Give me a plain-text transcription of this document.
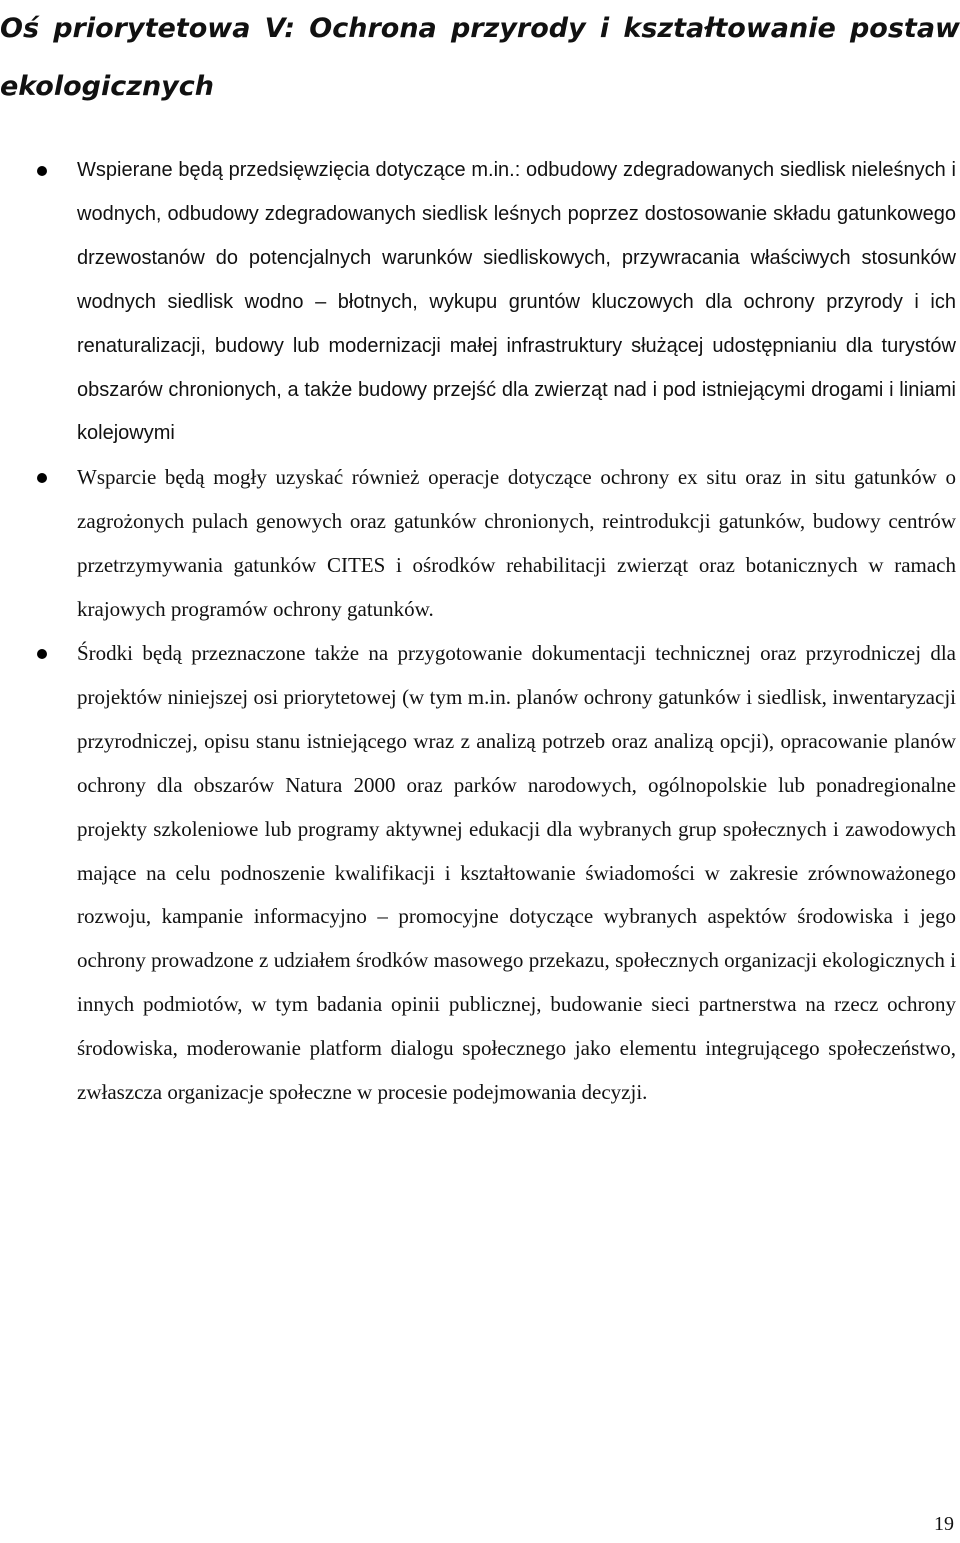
Oś priorytetowa V: Ochrona przyrody i kształtowanie postaw ekologicznych
Wspierane będą przedsięwzięcia dotyczące m.in.: odbudowy zdegradowanych siedlisk nieleśnych i wodnych, odbudowy zdegradowanych siedlisk leśnych poprzez dostosowanie składu gatunkowego drzewostanów do potencjalnych warunków siedliskowych, przywracania właściwych stosunków wodnych siedlisk wodno – błotnych, wykupu gruntów kluczowych dla ochrony przyrody i ich renaturalizacji, budowy lub modernizacji małej infrastruktury służącej udostępnianiu dla turystów obszarów chronionych, a także budowy przejść dla zwierząt nad i pod istniejącymi drogami i liniami kolejowymi
Wsparcie będą mogły uzyskać również operacje dotyczące ochrony ex situ oraz in situ gatunków o zagrożonych pulach genowych oraz gatunków chronionych, reintrodukcji gatunków, budowy centrów przetrzymywania gatunków CITES i ośrodków rehabilitacji zwierząt oraz botanicznych w ramach krajowych programów ochrony gatunków.
Środki będą przeznaczone także na przygotowanie dokumentacji technicznej oraz przyrodniczej dla projektów niniejszej osi priorytetowej (w tym m.in. planów ochrony gatunków i siedlisk, inwentaryzacji przyrodniczej, opisu stanu istniejącego wraz z analizą potrzeb oraz analizą opcji), opracowanie planów ochrony dla obszarów Natura 2000 oraz parków narodowych, ogólnopolskie lub ponadregionalne projekty szkoleniowe lub programy aktywnej edukacji dla wybranych grup społecznych i zawodowych mające na celu podnoszenie kwalifikacji i kształtowanie świadomości w zakresie zrównoważonego rozwoju, kampanie informacyjno – promocyjne dotyczące wybranych aspektów środowiska i jego ochrony prowadzone z udziałem środków masowego przekazu, społecznych organizacji ekologicznych i innych podmiotów, w tym badania opinii publicznej, budowanie sieci partnerstwa na rzecz ochrony środowiska, moderowanie platform dialogu społecznego jako elementu integrującego społeczeństwo, zwłaszcza organizacje społeczne w procesie podejmowania decyzji.
19
